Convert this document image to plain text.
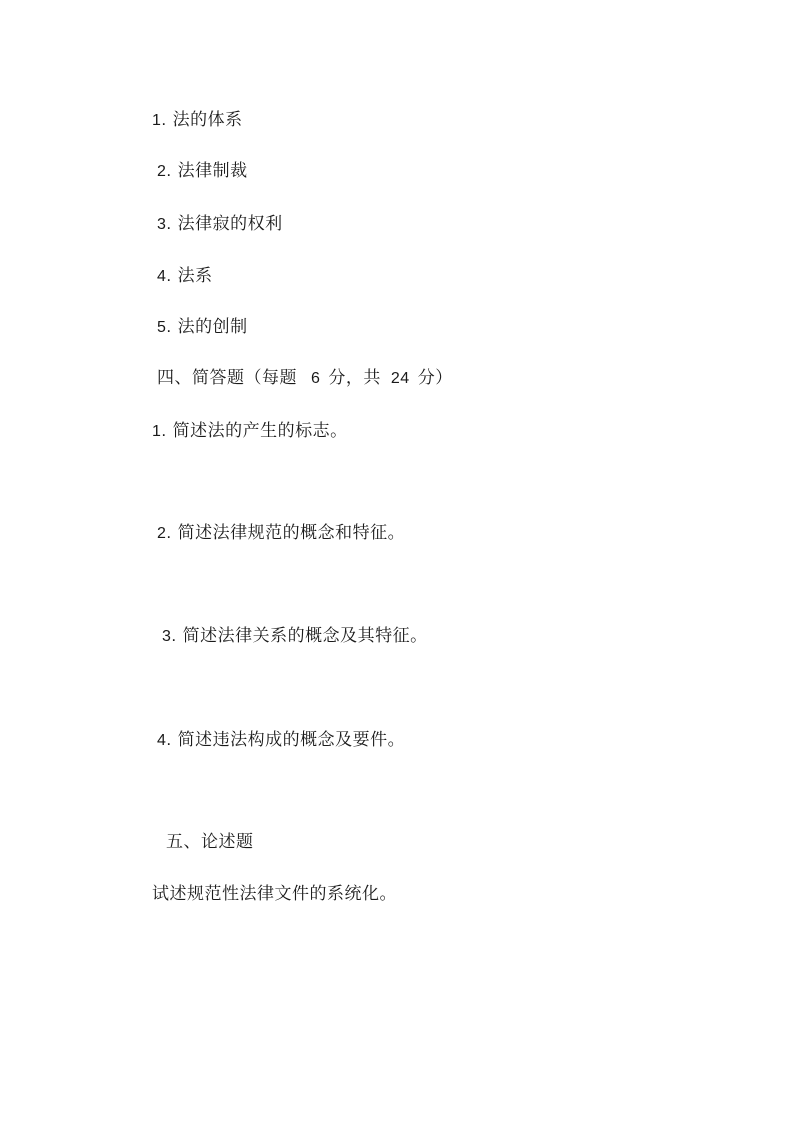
1. 法的体系
2. 法律制裁
3. 法律寂的权利
4. 法系
5. 法的创制
四、简答题（每题 6 分，共 24 分）
1. 简述法的产生的标志。
2. 简述法律规范的概念和特征。
3. 简述法律关系的概念及其特征。
4. 简述违法构成的概念及要件。
五、论述题
试述规范性法律文件的系统化。
